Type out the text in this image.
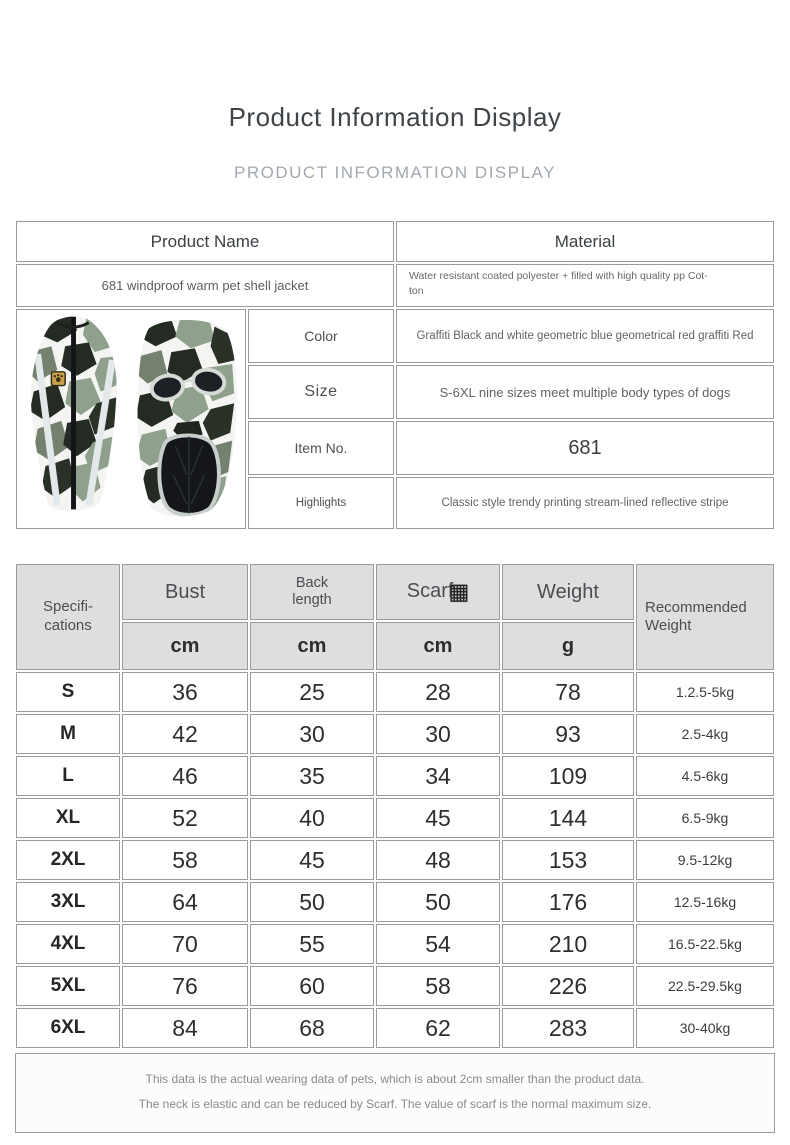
Product Information Display
PRODUCT INFORMATION DISPLAY
Product Name		Material
681 windproof warm pet shell jacket		Water resistant coated polyester + filled with high quality pp Cot-
ton

	Color	Graffiti Black and white geometric blue geometrical red graffiti Red
	Size	S-6XL nine sizes meet multiple body types of dogs
	Item No.	681
	Highlights	Classic style trendy printing stream-lined reflective stripe
Specifi-
cations	Bust	Back
length	Scarf▦	Weight	Recommended
Weight

	cm	cm	cm	g	
S	36	25	28	78	1.2.5-5kg
M	42	30	30	93	2.5-4kg
L	46	35	34	109	4.5-6kg
XL	52	40	45	144	6.5-9kg
2XL	58	45	48	153	9.5-12kg
3XL	64	50	50	176	12.5-16kg
4XL	70	55	54	210	16.5-22.5kg
5XL	76	60	58	226	22.5-29.5kg
6XL	84	68	62	283	30-40kg

This data is the actual wearing data of pets, which is about 2cm smaller than the product data.

The neck is elastic and can be reduced by Scarf. The value of scarf is the normal maximum size.
